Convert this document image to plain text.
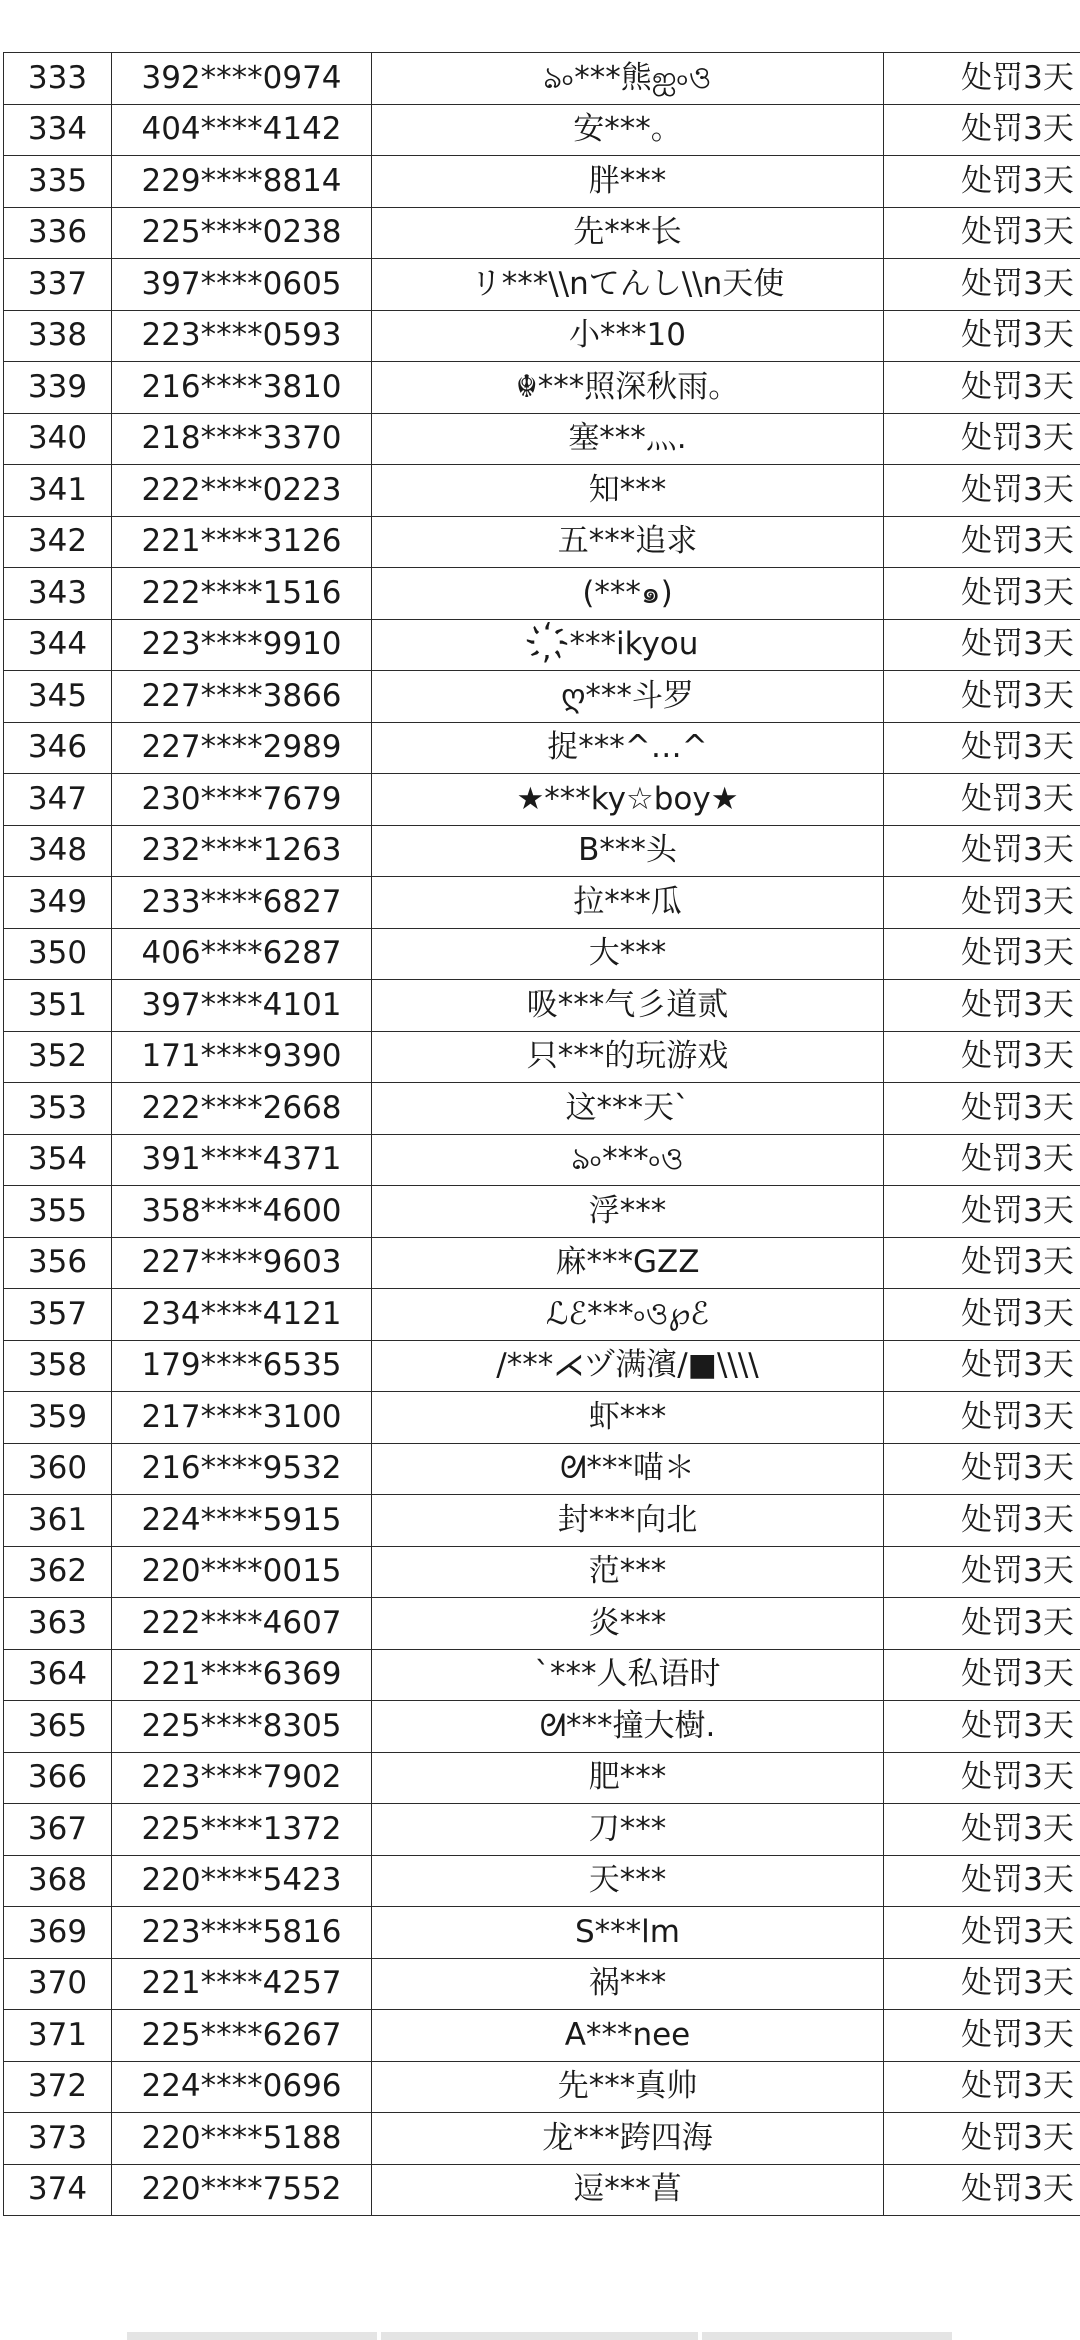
333	392****0974	ঌ৹***熊ஐ৹ও	处罚3天
334	404****4142	安***。	处罚3天
335	229****8814	胖***	处罚3天
336	225****0238	先***长	处罚3天
337	397****0605	リ***\\nてんし\\n天使	处罚3天
338	223****0593	小***10	处罚3天
339	216****3810	☬***照深秋雨。	处罚3天
340	218****3370	塞***灬.	处罚3天
341	222****0223	知***	处罚3天
342	221****3126	五***追求	处罚3天
343	222****1516	(***๑)	处罚3天
344	223****9910	҉***ikyou	处罚3天
345	227****3866	ღ***斗罗	处罚3天
346	227****2989	捉***^…^	处罚3天
347	230****7679	★***ky☆boy★	处罚3天
348	232****1263	B***头	处罚3天
349	233****6827	拉***瓜	处罚3天
350	406****6287	大***	处罚3天
351	397****4101	吸***气彡道贰	处罚3天
352	171****9390	只***的玩游戏	处罚3天
353	222****2668	这***天`	处罚3天
354	391****4371	ঌ৹***৹ও	处罚3天
355	358****4600	浮***	处罚3天
356	227****9603	麻***GZZ	处罚3天
357	234****4121	ℒℰ***৹ও℘ℰ	处罚3天
358	179****6535	/***⋌ヅ满濱/■\\\\	处罚3天
359	217****3100	虾***	处罚3天
360	216****9532	ᘛ***喵＊	处罚3天
361	224****5915	封***向北	处罚3天
362	220****0015	范***	处罚3天
363	222****4607	炎***	处罚3天
364	221****6369	`***人私语时	处罚3天
365	225****8305	ᘛ***撞大樹.	处罚3天
366	223****7902	肥***	处罚3天
367	225****1372	刀***	处罚3天
368	220****5423	天***	处罚3天
369	223****5816	S***lm	处罚3天
370	221****4257	祸***	处罚3天
371	225****6267	A***nee	处罚3天
372	224****0696	先***真帅	处罚3天
373	220****5188	龙***跨四海	处罚3天
374	220****7552	逗***菖	处罚3天
